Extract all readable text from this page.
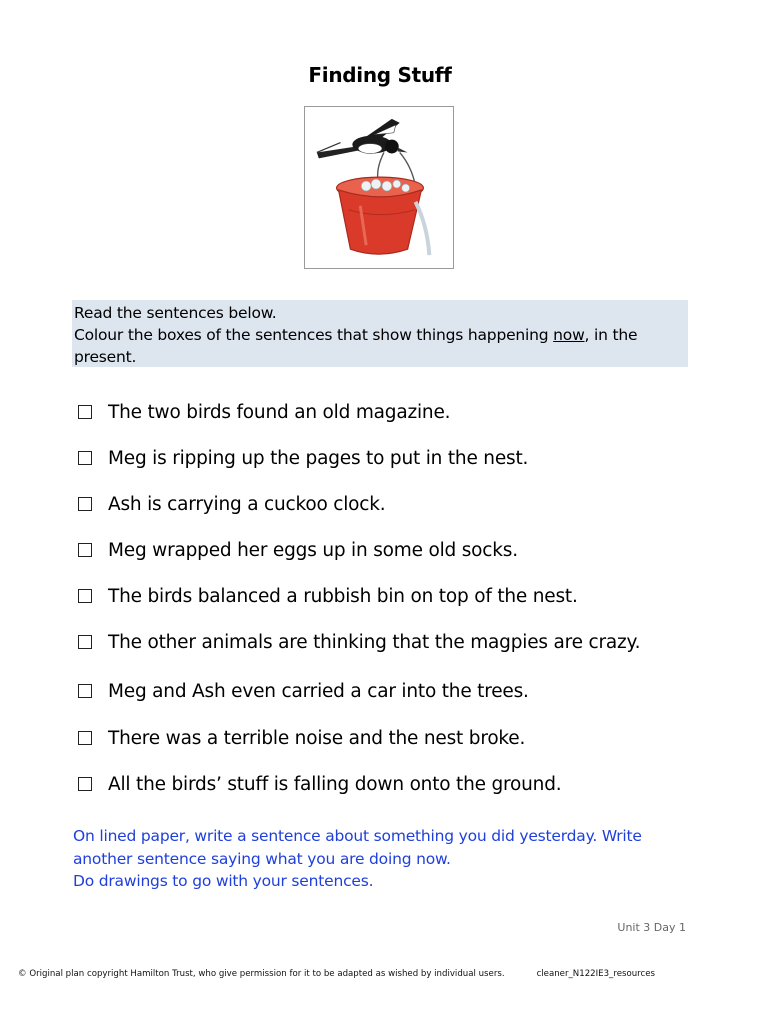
Finding Stuff
Read the sentences below.
Colour the boxes of the sentences that show things happening now, in the
present.
The two birds found an old magazine.
Meg is ripping up the pages to put in the nest.
Ash is carrying a cuckoo clock.
Meg wrapped her eggs up in some old socks.
The birds balanced a rubbish bin on top of the nest.
The other animals are thinking that the magpies are crazy.
Meg and Ash even carried a car into the trees.
There was a terrible noise and the nest broke.
All the birds’ stuff is falling down onto the ground.
On lined paper, write a sentence about something you did yesterday. Write
another sentence saying what you are doing now.
Do drawings to go with your sentences.
Unit 3 Day 1
© Original plan copyright Hamilton Trust, who give permission for it to be adapted as wished by individual users.	cleaner_N122IE3_resources
